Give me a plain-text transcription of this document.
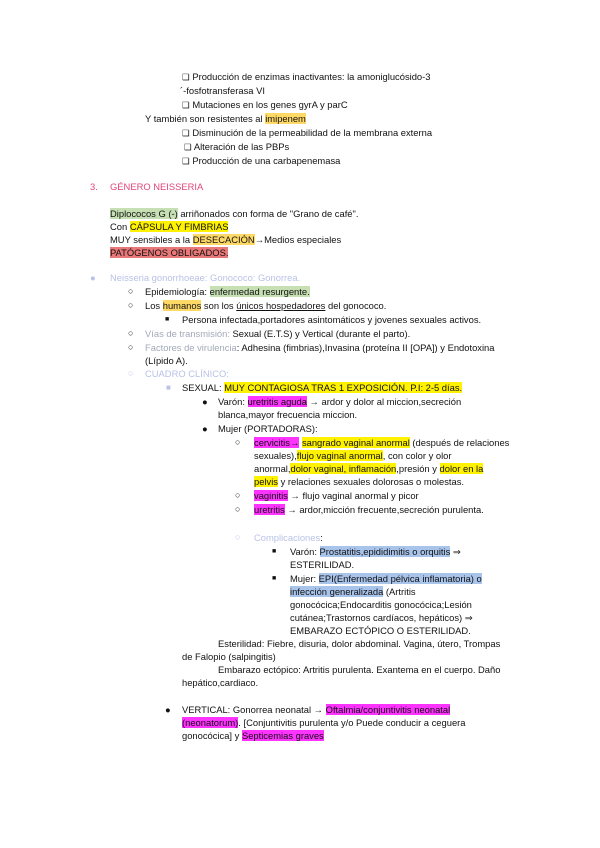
❑ Producción de enzimas inactivantes: la amoniglucósido-3
´-fosfotransferasa VI
❑ Mutaciones en los genes gyrA y parC
Y también son resistentes al imipenem
❑ Disminución de la permeabilidad de la membrana externa
❑ Alteración de las PBPs
❑ Producción de una carbapenemasa
3. GÉNERO NEISSERIA
Diplococos G (-) arriñonados con forma de "Grano de café".
Con CÁPSULA Y FIMBRIAS
MUY sensibles a la DESECACIÓN→Medios especiales
PATÓGENOS OBLIGADOS.
● Neisseria gonorrhoeae: Gonococo: Gonorrea.
○ Epidemiología: enfermedad resurgente.
○ Los humanos son los únicos hospedadores del gonococo.
■ Persona infectada,portadores asintomáticos y jovenes sexuales activos.
○ Vías de transmisión: Sexual (E.T.S) y Vertical (durante el parto).
○ Factores de virulencia: Adhesina (fimbrias),Invasina (proteína II [OPA]) y Endotoxina
(Lípido A).
○ CUADRO CLÍNICO:
■ SEXUAL: MUY CONTAGIOSA TRAS 1 EXPOSICIÓN. P.I: 2-5 días.
● Varón: uretritis aguda → ardor y dolor al miccion,secreción
blanca,mayor frecuencia miccion.
● Mujer (PORTADORAS):
○ cervicitis→ sangrado vaginal anormal (después de relaciones
sexuales),flujo vaginal anormal, con color y olor
anormal,dolor vaginal, inflamación,presión y dolor en la
pelvis y relaciones sexuales dolorosas o molestas.
○ vaginitis → flujo vaginal anormal y picor
○ uretritis → ardor,micción frecuente,secreción purulenta.
○ Complicaciones:
■ Varón: Prostatitis,epididimitis o orquitis ⇒
ESTERILIDAD.
■ Mujer: EPI(Enfermedad pélvica inflamatoria) o
infección generalizada (Artritis
gonocócica;Endocarditis gonocócica;Lesión
cutánea;Trastornos cardíacos, hepáticos) ⇒
EMBARAZO ECTÓPICO O ESTERILIDAD.
Esterilidad: Fiebre, disuria, dolor abdominal. Vagina, útero, Trompas
de Falopio (salpingitis)
Embarazo ectópico: Artritis purulenta. Exantema en el cuerpo. Daño
hepático,cardiaco.
● VERTICAL: Gonorrea neonatal → Oftalmia/conjuntivitis neonatal
(neonatorum). [Conjuntivitis purulenta y/o Puede conducir a ceguera
gonocócica] y Septicemias graves
